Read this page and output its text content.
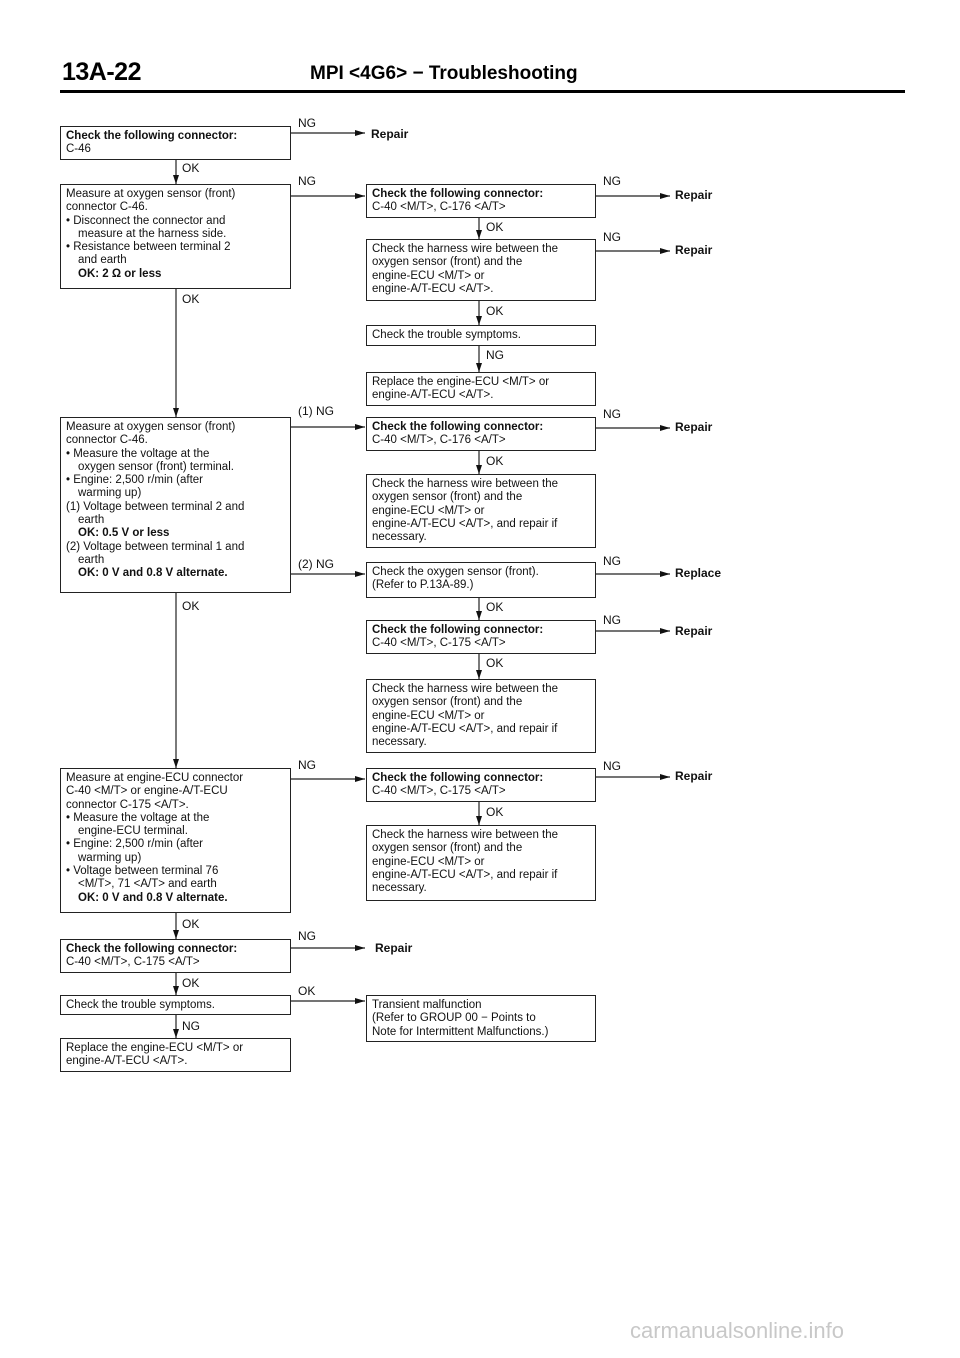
13A-22	MPI <4G6> − Troubleshooting
Check the following connector:
C-46
Measure at oxygen sensor (front)
connector C-46.
• Disconnect the connector and
measure at the harness side.
• Resistance between terminal 2
and earth
OK: 2 Ω or less
Measure at oxygen sensor (front)
connector C-46.
• Measure the voltage at the
oxygen sensor (front) terminal.
• Engine: 2,500 r/min (after
warming up)
(1) Voltage between terminal 2 and
earth
OK: 0.5 V or less
(2) Voltage between terminal 1 and
earth
OK: 0 V and 0.8 V alternate.
Measure at engine-ECU connector
C-40 <M/T> or engine-A/T-ECU
connector C-175 <A/T>.
• Measure the voltage at the
engine-ECU terminal.
• Engine: 2,500 r/min (after
warming up)
• Voltage between terminal 76
<M/T>, 71 <A/T> and earth
OK: 0 V and 0.8 V alternate.
Check the following connector:
C-40 <M/T>, C-175 <A/T>
Check the trouble symptoms.
Replace the engine-ECU <M/T> or
engine-A/T-ECU <A/T>.
Check the following connector:
C-40 <M/T>, C-176 <A/T>
Check the harness wire between the
oxygen sensor (front) and the
engine-ECU <M/T> or
engine-A/T-ECU <A/T>.
Check the trouble symptoms.
Replace the engine-ECU <M/T> or
engine-A/T-ECU <A/T>.
Check the following connector:
C-40 <M/T>, C-176 <A/T>
Check the harness wire between the
oxygen sensor (front) and the
engine-ECU <M/T> or
engine-A/T-ECU <A/T>, and repair if
necessary.
Check the oxygen sensor (front).
(Refer to P.13A-89.)
Check the following connector:
C-40 <M/T>, C-175 <A/T>
Check the harness wire between the
oxygen sensor (front) and the
engine-ECU <M/T> or
engine-A/T-ECU <A/T>, and repair if
necessary.
Check the following connector:
C-40 <M/T>, C-175 <A/T>
Check the harness wire between the
oxygen sensor (front) and the
engine-ECU <M/T> or
engine-A/T-ECU <A/T>, and repair if
necessary.
Transient malfunction
(Refer to GROUP 00 − Points to
Note for Intermittent Malfunctions.)
OK
OK
OK
OK
OK
NG
NG
NG
(1) NG
(2) NG
NG
NG
OK
OK
OK
NG
OK
OK
OK
OK
NG
NG
NG
NG
NG
NG
Repair
Repair
Repair
Repair
Replace
Repair
Repair
Repair
carmanualsonline.info
